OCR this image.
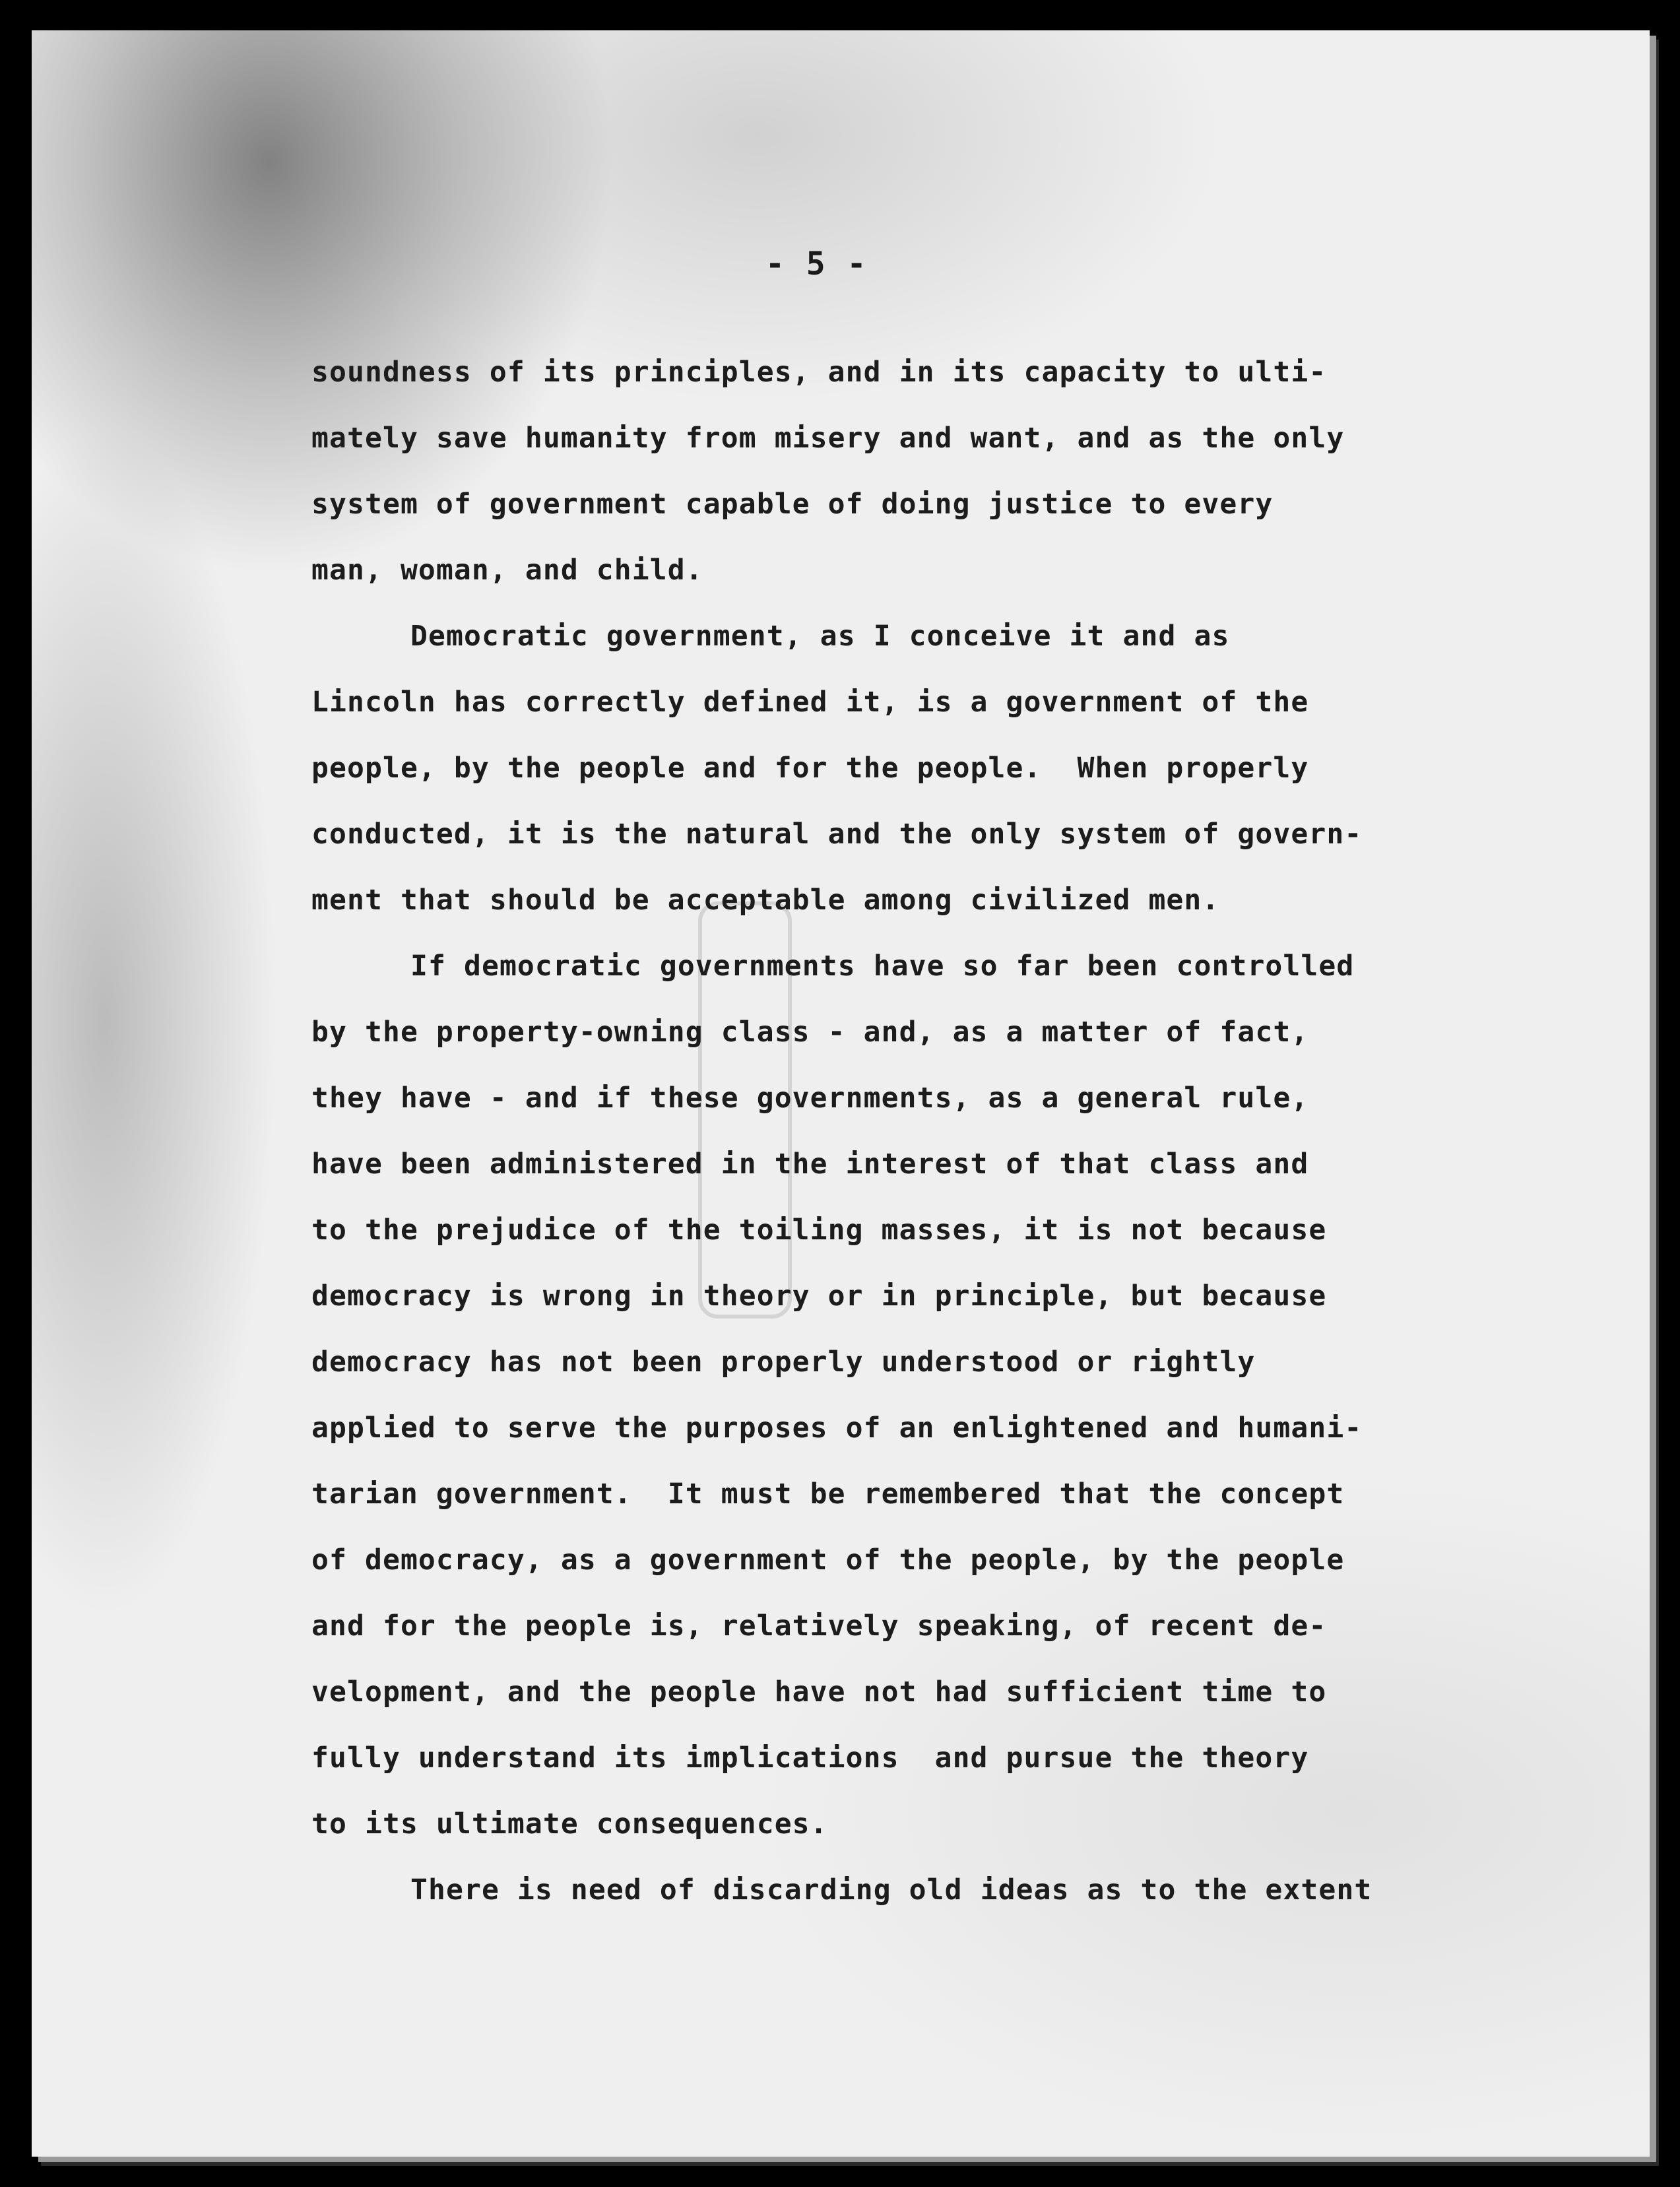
- 5 -
soundness of its principles, and in its capacity to ulti-
mately save humanity from misery and want, and as the only
system of government capable of doing justice to every
man, woman, and child.
Democratic government, as I conceive it and as
Lincoln has correctly defined it, is a government of the
people, by the people and for the people.  When properly
conducted, it is the natural and the only system of govern-
ment that should be acceptable among civilized men.
If democratic governments have so far been controlled
by the property-owning class - and, as a matter of fact,
they have - and if these governments, as a general rule,
have been administered in the interest of that class and
to the prejudice of the toiling masses, it is not because
democracy is wrong in theory or in principle, but because
democracy has not been properly understood or rightly
applied to serve the purposes of an enlightened and humani-
tarian government.  It must be remembered that the concept
of democracy, as a government of the people, by the people
and for the people is, relatively speaking, of recent de-
velopment, and the people have not had sufficient time to
fully understand its implications  and pursue the theory
to its ultimate consequences.
There is need of discarding old ideas as to the extent
